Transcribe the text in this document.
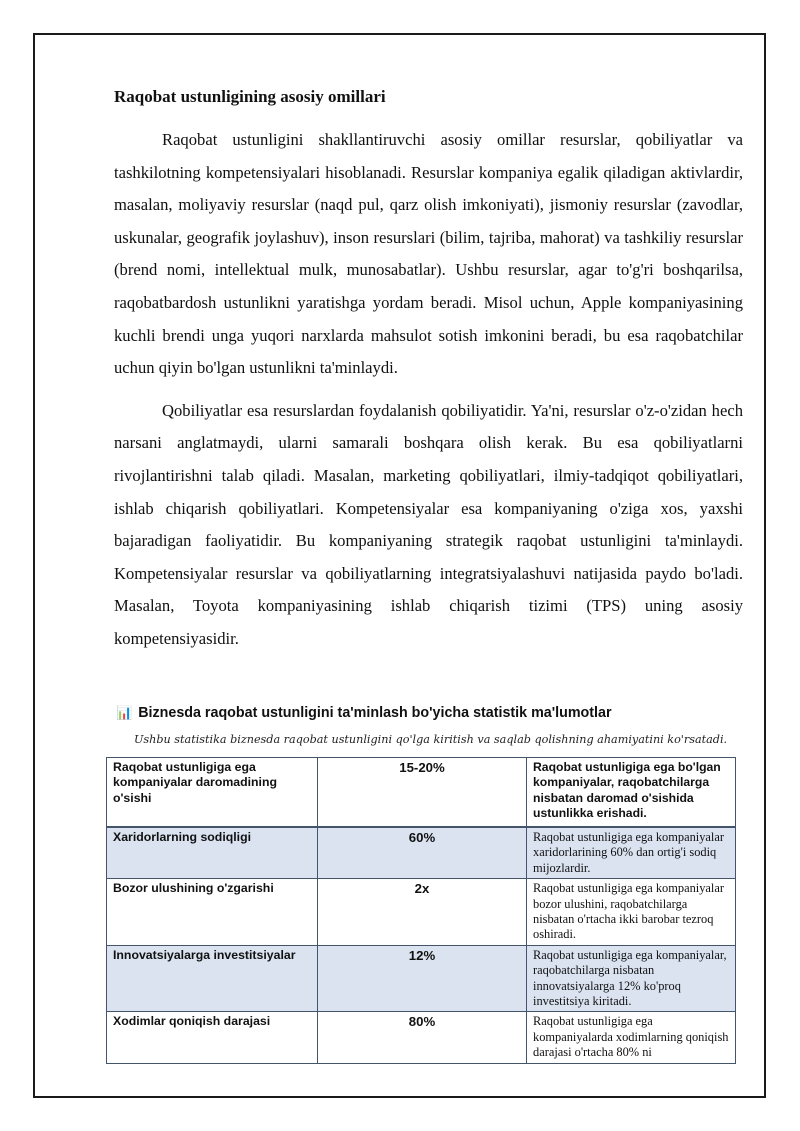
Raqobat ustunligining asosiy omillari

Raqobat ustunligini shakllantiruvchi asosiy omillar resurslar, qobiliyatlar va tashkilotning kompetensiyalari hisoblanadi. Resurslar kompaniya egalik qiladigan aktivlardir, masalan, moliyaviy resurslar (naqd pul, qarz olish imkoniyati), jismoniy resurslar (zavodlar, uskunalar, geografik joylashuv), inson resurslari (bilim, tajriba, mahorat) va tashkiliy resurslar (brend nomi, intellektual mulk, munosabatlar). Ushbu resurslar, agar to'g'ri boshqarilsa, raqobatbardosh ustunlikni yaratishga yordam beradi. Misol uchun, Apple kompaniyasining kuchli brendi unga yuqori narxlarda mahsulot sotish imkonini beradi, bu esa raqobatchilar uchun qiyin bo'lgan ustunlikni ta'minlaydi.

Qobiliyatlar esa resurslardan foydalanish qobiliyatidir. Ya'ni, resurslar o'z-o'zidan hech narsani anglatmaydi, ularni samarali boshqara olish kerak. Bu esa qobiliyatlarni rivojlantirishni talab qiladi. Masalan, marketing qobiliyatlari, ilmiy-tadqiqot qobiliyatlari, ishlab chiqarish qobiliyatlari. Kompetensiyalar esa kompaniyaning o'ziga xos, yaxshi bajaradigan faoliyatidir. Bu kompaniyaning strategik raqobat ustunligini ta'minlaydi. Kompetensiyalar resurslar va qobiliyatlarning integratsiyalashuvi natijasida paydo bo'ladi. Masalan, Toyota kompaniyasining ishlab chiqarish tizimi (TPS) uning asosiy kompetensiyasidir.

📊 Biznesda raqobat ustunligini ta'minlash bo'yicha statistik ma'lumotlar
Ushbu statistika biznesda raqobat ustunligini qo'lga kiritish va saqlab qolishning ahamiyatini ko'rsatadi.
Raqobat ustunligiga ega kompaniyalar daromadining o'sishi	15-20%	Raqobat ustunligiga ega bo'lgan kompaniyalar, raqobatchilarga nisbatan daromad o'sishida ustunlikka erishadi.
Xaridorlarning sodiqligi	60%	Raqobat ustunligiga ega kompaniyalar xaridorlarining 60% dan ortig'i sodiq mijozlardir.
Bozor ulushining o'zgarishi	2x	Raqobat ustunligiga ega kompaniyalar bozor ulushini, raqobatchilarga nisbatan o'rtacha ikki barobar tezroq oshiradi.
Innovatsiyalarga investitsiyalar	12%	Raqobat ustunligiga ega kompaniyalar, raqobatchilarga nisbatan innovatsiyalarga 12% ko'proq investitsiya kiritadi.
Xodimlar qoniqish darajasi	80%	Raqobat ustunligiga ega kompaniyalarda xodimlarning qoniqish darajasi o'rtacha 80% ni
